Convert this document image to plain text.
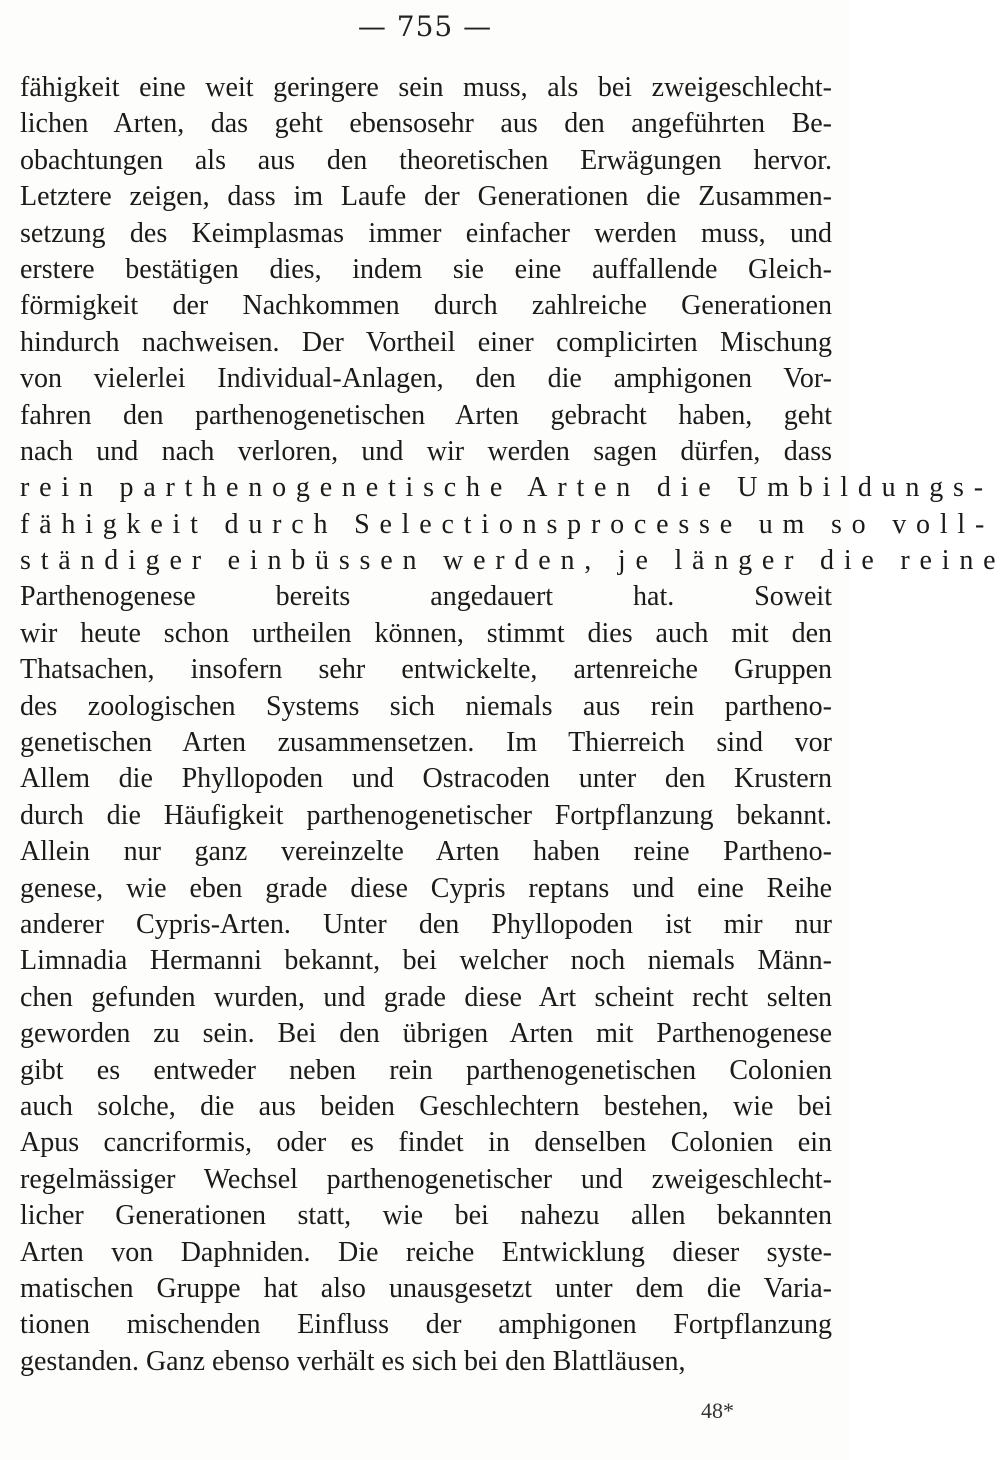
— 755 —
fähigkeit eine weit geringere sein muss, als bei zweigeschlecht-
lichen Arten, das geht ebensosehr aus den angeführten Be-
obachtungen als aus den theoretischen Erwägungen hervor.
Letztere zeigen, dass im Laufe der Generationen die Zusammen-
setzung des Keimplasmas immer einfacher werden muss, und
erstere bestätigen dies, indem sie eine auffallende Gleich-
förmigkeit der Nachkommen durch zahlreiche Generationen
hindurch nachweisen. Der Vortheil einer complicirten Mischung
von vielerlei Individual-Anlagen, den die amphigonen Vor-
fahren den parthenogenetischen Arten gebracht haben, geht
nach und nach verloren, und wir werden sagen dürfen, dass
rein parthenogenetische Arten die Umbildungs-
fähigkeit durch Selectionsprocesse um so voll-
ständiger einbüssen werden, je länger die reine
Parthenogenese bereits angedauert hat. Soweit
wir heute schon urtheilen können, stimmt dies auch mit den
Thatsachen, insofern sehr entwickelte, artenreiche Gruppen
des zoologischen Systems sich niemals aus rein partheno-
genetischen Arten zusammensetzen. Im Thierreich sind vor
Allem die Phyllopoden und Ostracoden unter den Krustern
durch die Häufigkeit parthenogenetischer Fortpflanzung bekannt.
Allein nur ganz vereinzelte Arten haben reine Partheno-
genese, wie eben grade diese Cypris reptans und eine Reihe
anderer Cypris-Arten. Unter den Phyllopoden ist mir nur
Limnadia Hermanni bekannt, bei welcher noch niemals Männ-
chen gefunden wurden, und grade diese Art scheint recht selten
geworden zu sein. Bei den übrigen Arten mit Parthenogenese
gibt es entweder neben rein parthenogenetischen Colonien
auch solche, die aus beiden Geschlechtern bestehen, wie bei
Apus cancriformis, oder es findet in denselben Colonien ein
regelmässiger Wechsel parthenogenetischer und zweigeschlecht-
licher Generationen statt, wie bei nahezu allen bekannten
Arten von Daphniden. Die reiche Entwicklung dieser syste-
matischen Gruppe hat also unausgesetzt unter dem die Varia-
tionen mischenden Einfluss der amphigonen Fortpflanzung
gestanden. Ganz ebenso verhält es sich bei den Blattläusen,
48*
